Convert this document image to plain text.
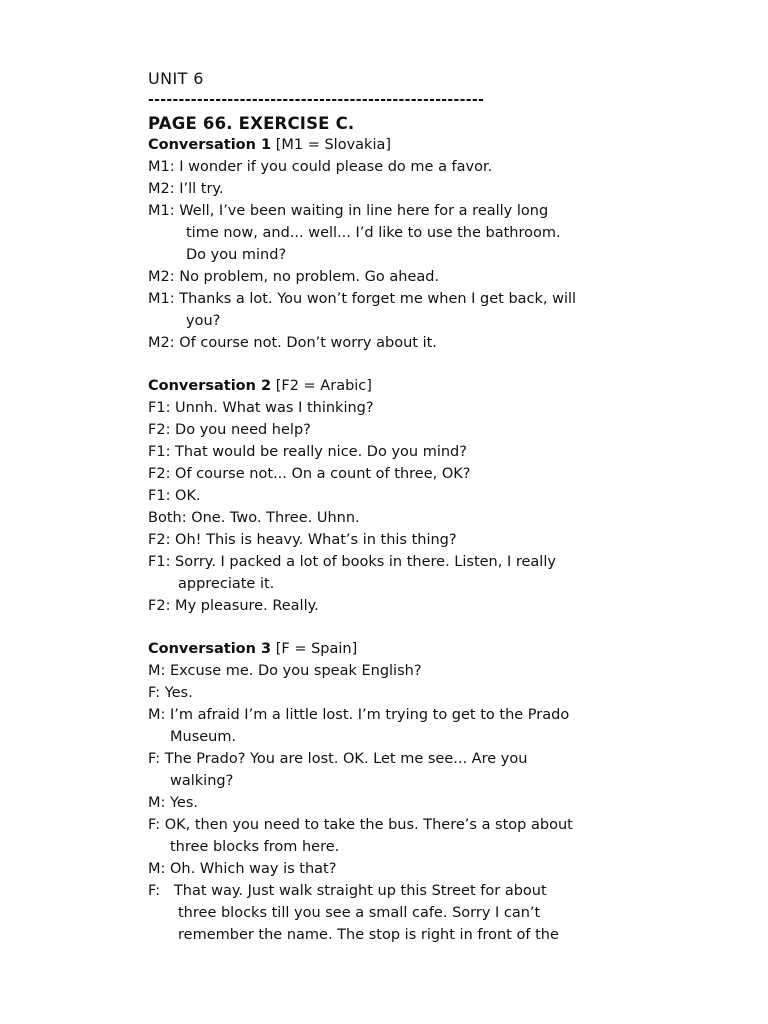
UNIT 6
-------------------------------------------------------
PAGE 66. EXERCISE C.
Conversation 1 [M1 = Slovakia]
M1: I wonder if you could please do me a favor.
M2: I’ll try.
M1: Well, I’ve been waiting in line here for a really long
time now, and... well... I’d like to use the bathroom.
Do you mind?
M2: No problem, no problem. Go ahead.
M1: Thanks a lot. You won’t forget me when I get back, will
you?
M2: Of course not. Don’t worry about it.
Conversation 2 [F2 = Arabic]
F1: Unnh. What was I thinking?
F2: Do you need help?
F1: That would be really nice. Do you mind?
F2: Of course not... On a count of three, OK?
F1: OK.
Both: One. Two. Three. Uhnn.
F2: Oh! This is heavy. What’s in this thing?
F1: Sorry. I packed a lot of books in there. Listen, I really
appreciate it.
F2: My pleasure. Really.
Conversation 3 [F = Spain]
M: Excuse me. Do you speak English?
F: Yes.
M: I’m afraid I’m a little lost. I’m trying to get to the Prado
Museum.
F: The Prado? You are lost. OK. Let me see... Are you
walking?
M: Yes.
F: OK, then you need to take the bus. There’s a stop about
three blocks from here.
M: Oh. Which way is that?
F:   That way. Just walk straight up this Street for about
three blocks till you see a small cafe. Sorry I can’t
remember the name. The stop is right in front of the
